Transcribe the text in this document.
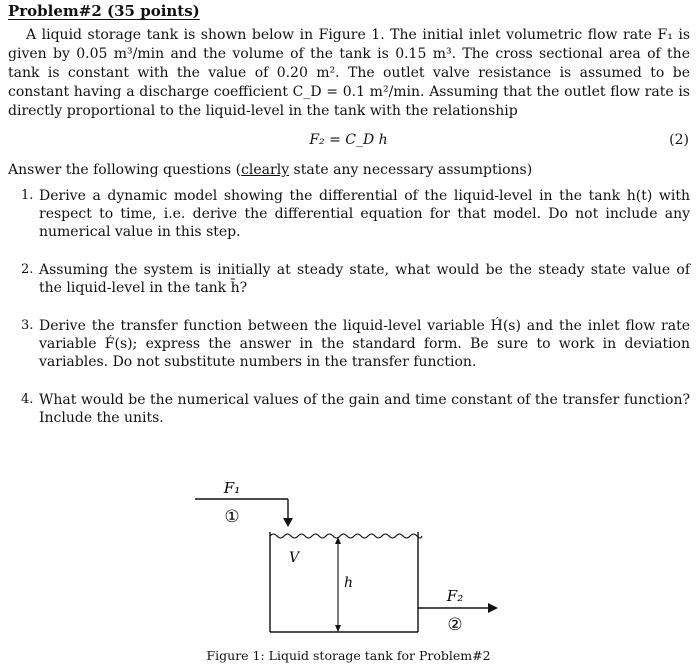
Problem#2 (35 points)
A liquid storage tank is shown below in Figure 1. The initial inlet volumetric flow rate F₁ is given by 0.05 m³/min and the volume of the tank is 0.15 m³. The cross sectional area of the tank is constant with the value of 0.20 m². The outlet valve resistance is assumed to be constant having a discharge coefficient C_D = 0.1 m²/min. Assuming that the outlet flow rate is directly proportional to the liquid-level in the tank with the relationship
F₂ = C_D h	(2)
Answer the following questions (clearly state any necessary assumptions)
1. Derive a dynamic model showing the differential of the liquid-level in the tank h(t) with respect to time, i.e. derive the differential equation for that model. Do not include any numerical value in this step.
2. Assuming the system is initially at steady state, what would be the steady state value of the liquid-level in the tank h̄?
3. Derive the transfer function between the liquid-level variable H́(s) and the inlet flow rate variable F́(s); express the answer in the standard form. Be sure to work in deviation variables. Do not substitute numbers in the transfer function.
4. What would be the numerical values of the gain and time constant of the transfer function? Include the units.
F₁
①
V
h
F₂
②
Figure 1: Liquid storage tank for Problem#2
